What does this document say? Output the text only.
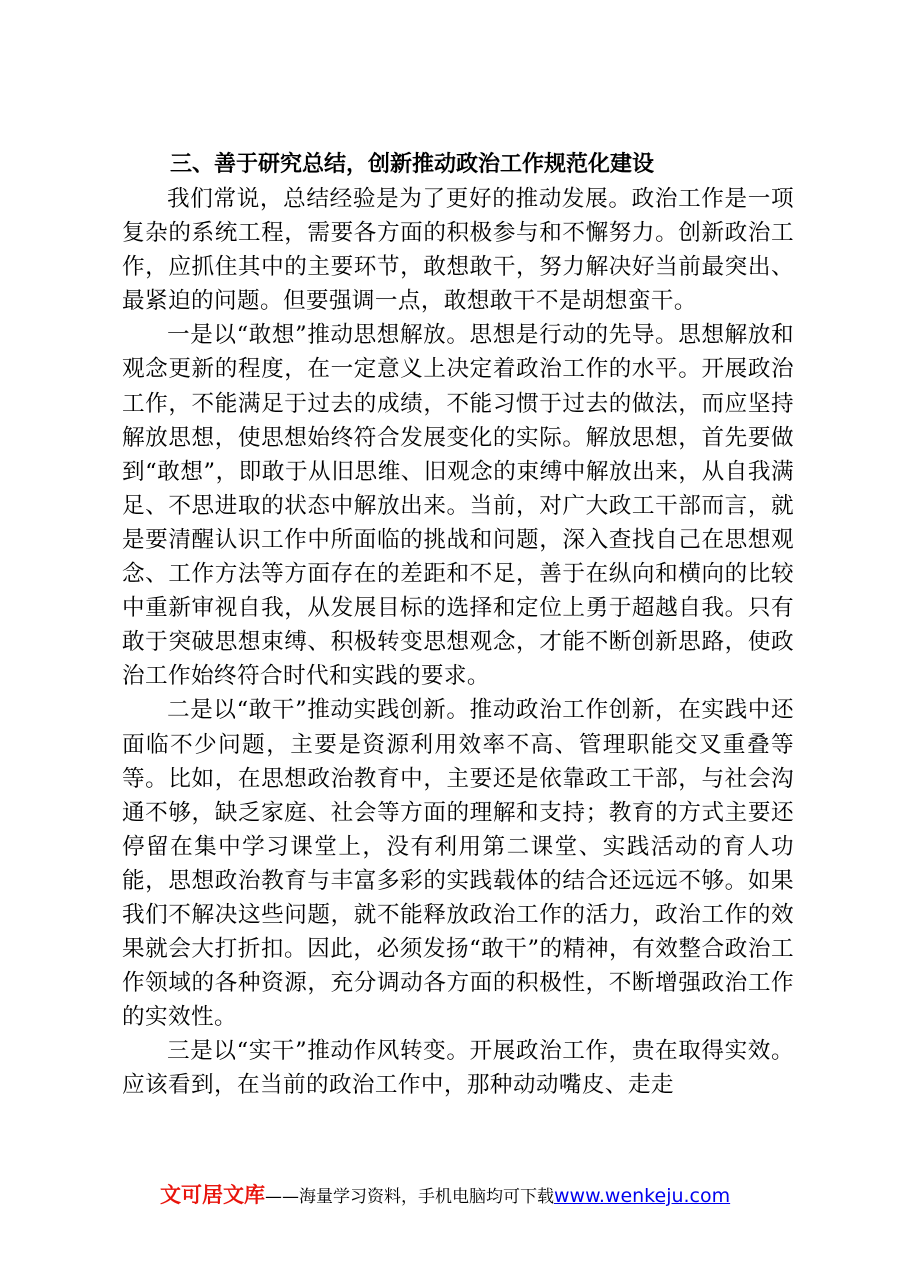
三、善于研究总结，创新推动政治工作规范化建设

我们常说，总结经验是为了更好的推动发展。政治工作是一项复杂的系统工程，需要各方面的积极参与和不懈努力。创新政治工作，应抓住其中的主要环节，敢想敢干，努力解决好当前最突出、最紧迫的问题。但要强调一点，敢想敢干不是胡想蛮干。

一是以“敢想”推动思想解放。思想是行动的先导。思想解放和观念更新的程度，在一定意义上决定着政治工作的水平。开展政治工作，不能满足于过去的成绩，不能习惯于过去的做法，而应坚持解放思想，使思想始终符合发展变化的实际。解放思想，首先要做到“敢想”，即敢于从旧思维、旧观念的束缚中解放出来，从自我满足、不思进取的状态中解放出来。当前，对广大政工干部而言，就是要清醒认识工作中所面临的挑战和问题，深入查找自己在思想观念、工作方法等方面存在的差距和不足，善于在纵向和横向的比较中重新审视自我，从发展目标的选择和定位上勇于超越自我。只有敢于突破思想束缚、积极转变思想观念，才能不断创新思路，使政治工作始终符合时代和实践的要求。

二是以“敢干”推动实践创新。推动政治工作创新，在实践中还面临不少问题，主要是资源利用效率不高、管理职能交叉重叠等等。比如，在思想政治教育中，主要还是依靠政工干部，与社会沟通不够，缺乏家庭、社会等方面的理解和支持；教育的方式主要还停留在集中学习课堂上，没有利用第二课堂、实践活动的育人功能，思想政治教育与丰富多彩的实践载体的结合还远远不够。如果我们不解决这些问题，就不能释放政治工作的活力，政治工作的效果就会大打折扣。因此，必须发扬“敢干”的精神，有效整合政治工作领域的各种资源，充分调动各方面的积极性，不断增强政治工作的实效性。

三是以“实干”推动作风转变。开展政治工作，贵在取得实效。应该看到，在当前的政治工作中，那种动动嘴皮、走走

文可居文库——海量学习资料，手机电脑均可下载www.wenkeju.com
